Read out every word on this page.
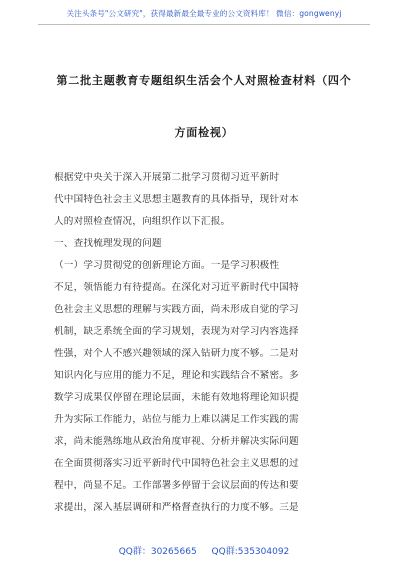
关注头条号"公文研究"，获得最新最全最专业的公文资料库！ 微信：gongwenyj
第二批主题教育专题组织生活会个人对照检查材料（四个
方面检视）
根据党中央关于深入开展第二批学习贯彻习近平新时
代中国特色社会主义思想主题教育的具体指导，现针对本
人的对照检查情况，向组织作以下汇报。
一、查找梳理发现的问题
（一）学习贯彻党的创新理论方面。一是学习积极性
不足，领悟能力有待提高。在深化对习近平新时代中国特
色社会主义思想的理解与实践方面，尚未形成自觉的学习
机制，缺乏系统全面的学习规划，表现为对学习内容选择
性强，对个人不感兴趣领域的深入钻研力度不够。二是对
知识内化与应用的能力不足，理论和实践结合不紧密。多
数学习成果仅停留在理论层面，未能有效地将理论知识提
升为实际工作能力，站位与能力上难以满足工作实践的需
求，尚未能熟练地从政治角度审视、分析并解决实际问题
在全面贯彻落实习近平新时代中国特色社会主义思想的过
程中，尚显不足。工作部署多停留于会议层面的传达和要
求提出，深入基层调研和严格督查执行的力度不够。三是
QQ群：30265665 QQ群:535304092
